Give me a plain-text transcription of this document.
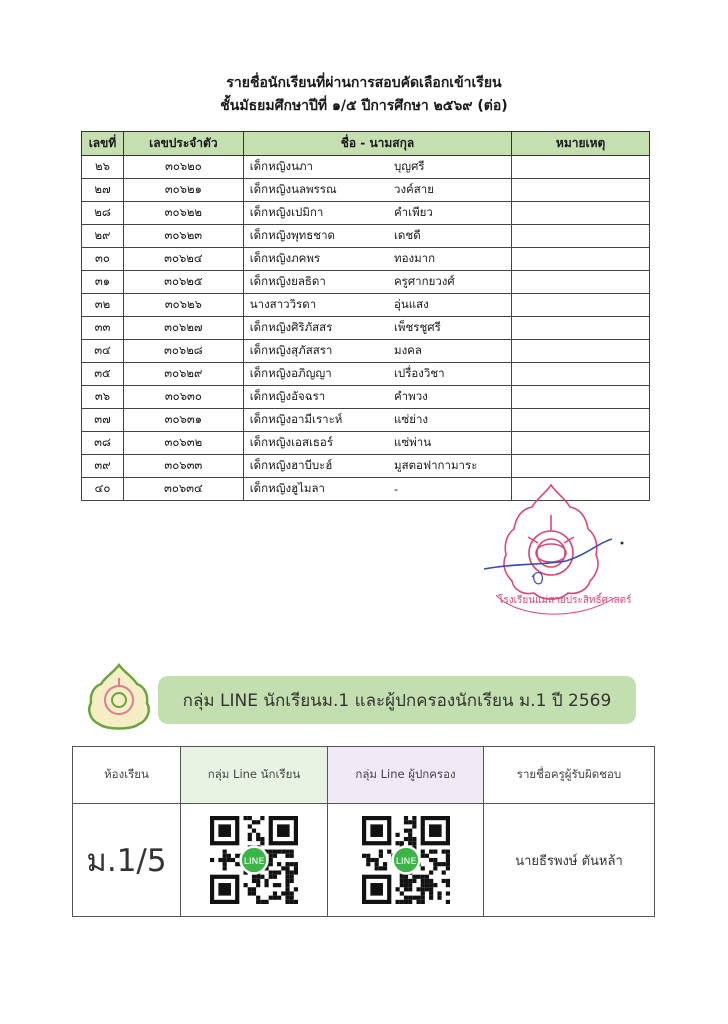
รายชื่อนักเรียนที่ผ่านการสอบคัดเลือกเข้าเรียน
ชั้นมัธยมศึกษาปีที่ ๑/๕ ปีการศึกษา ๒๕๖๙ (ต่อ)
เลขที่	เลขประจำตัว	ชื่อ - นามสกุล		หมายเหตุ
๒๖	๓๐๖๒๐	เด็กหญิงนภา	บุญศรี	
๒๗	๓๐๖๒๑	เด็กหญิงนลพรรณ	วงค์สาย	
๒๘	๓๐๖๒๒	เด็กหญิงเปมิกา	คำเพียว	
๒๙	๓๐๖๒๓	เด็กหญิงพุทธชาด	เดชดี	
๓๐	๓๐๖๒๔	เด็กหญิงภคพร	ทองมาก	
๓๑	๓๐๖๒๕	เด็กหญิงยลธิดา	ครูศากยวงศ์	
๓๒	๓๐๖๒๖	นางสาววิรดา	อุ่นแสง	
๓๓	๓๐๖๒๗	เด็กหญิงศิริภัสสร	เพ็ชรชูศรี	
๓๔	๓๐๖๒๘	เด็กหญิงสุภัสสรา	มงคล	
๓๕	๓๐๖๒๙	เด็กหญิงอภิญญา	เปรื่องวิชา	
๓๖	๓๐๖๓๐	เด็กหญิงอัจฉรา	คำพวง	
๓๗	๓๐๖๓๑	เด็กหญิงอามีเราะห์	แซ่ย่าง	
๓๘	๓๐๖๓๒	เด็กหญิงเอสเธอร์	แซ่พ่าน	
๓๙	๓๐๖๓๓	เด็กหญิงฮาบีบะฮ์	มูสตอฟากามาระ	
๔๐	๓๐๖๓๔	เด็กหญิงฮูไมลา	-	
โรงเรียนแม่สายประสิทธิ์ศาสตร์
กลุ่ม LINE นักเรียนม.1 และผู้ปกครองนักเรียน ม.1 ปี 2569
ห้องเรียน	กลุ่ม Line นักเรียน	กลุ่ม Line ผู้ปกครอง	รายชื่อครูผู้รับผิดชอบ
ม.1/5	LINE	LINE	นายธีรพงษ์ ตันหล้า
